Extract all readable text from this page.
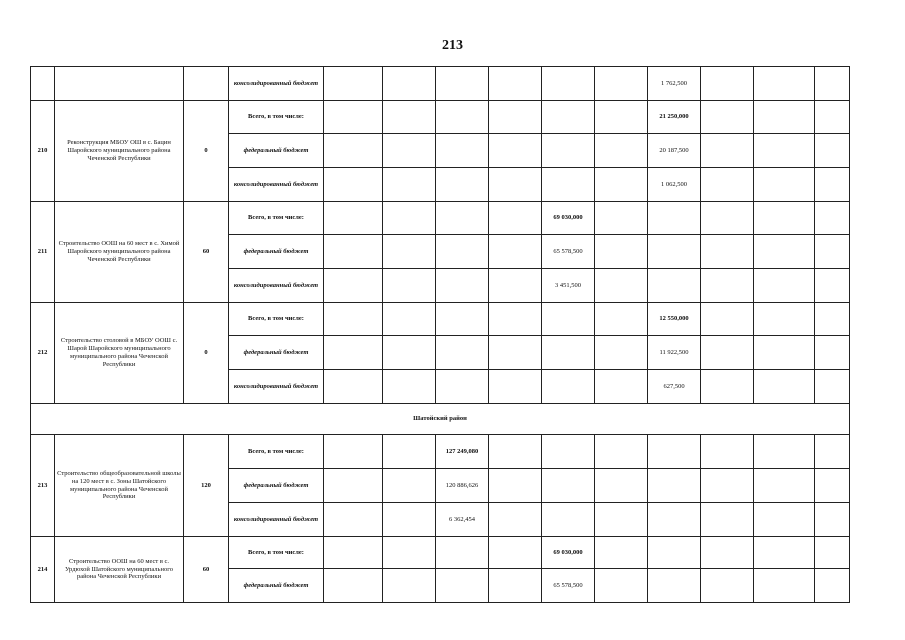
213
			консолидированный бюджет							1 762,500			
210	Реконструкция МБОУ ОШ в с. Бацин Шаройского муниципального района Чеченской Республики	0	Всего, в том числе:							21 250,000			
			федеральный бюджет							20 187,500			
			консолидированный бюджет							1 062,500			
211	Строительство ООШ на 60 мест в с. Химой Шаройского муниципального района Чеченской Республики	60	Всего, в том числе:					69 030,000					
			федеральный бюджет					65 578,500					
			консолидированный бюджет					3 451,500					
212	Строительство столовой в МБОУ ООШ с. Шарой Шаройского муниципального муниципального района Чеченской Республики	0	Всего, в том числе:							12 550,000			
			федеральный бюджет							11 922,500			
			консолидированный бюджет							627,500			
Шатойский район													
213	Строительство общеобразовательной школы на 120 мест в с. Зоны Шатойского муниципального района Чеченской Республики	120	Всего, в том числе:			127 249,080							
			федеральный бюджет			120 886,626							
			консолидированный бюджет			6 362,454							
214	Строительство ООШ на 60 мест в с. Урдюхой Шатойского муниципального района Чеченской Республики	60	Всего, в том числе:					69 030,000					
			федеральный бюджет					65 578,500					
